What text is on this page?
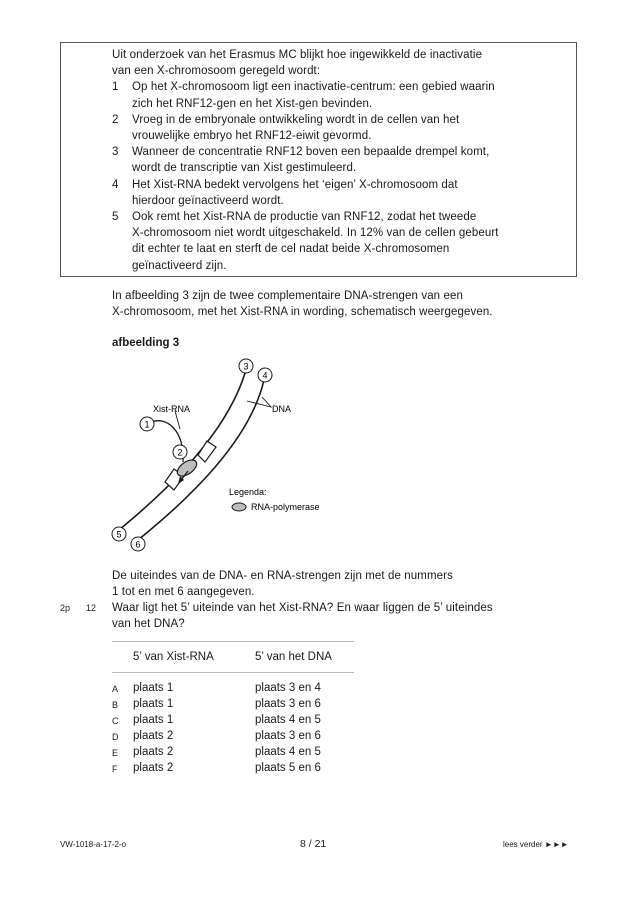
Uit onderzoek van het Erasmus MC blijkt hoe ingewikkeld de inactivatie
van een X-chromosoom geregeld wordt:
1	Op het X-chromosoom ligt een inactivatie-centrum: een gebied waarin
zich het RNF12-gen en het Xist-gen bevinden.
2	Vroeg in de embryonale ontwikkeling wordt in de cellen van het
vrouwelijke embryo het RNF12-eiwit gevormd.
3	Wanneer de concentratie RNF12 boven een bepaalde drempel komt,
wordt de transcriptie van Xist gestimuleerd.
4	Het Xist-RNA bedekt vervolgens het ‘eigen’ X-chromosoom dat
hierdoor geïnactiveerd wordt.
5	Ook remt het Xist-RNA de productie van RNF12, zodat het tweede
X-chromosoom niet wordt uitgeschakeld. In 12% van de cellen gebeurt
dit echter te laat en sterft de cel nadat beide X-chromosomen
geïnactiveerd zijn.
In afbeelding 3 zijn de twee complementaire DNA-strengen van een
X-chromosoom, met het Xist-RNA in wording, schematisch weergegeven.
afbeelding 3
Xist-RNA	DNA
1
2
3
4
5
6
Legenda:
RNA-polymerase
De uiteindes van de DNA- en RNA-strengen zijn met de nummers
1 tot en met 6 aangegeven.
2p 12 Waar ligt het 5’ uiteinde van het Xist-RNA? En waar liggen de 5’ uiteindes
van het DNA?
5’ van Xist-RNA	5’ van het DNA
A plaats 1	plaats 3 en 4
B plaats 1	plaats 3 en 6
C plaats 1	plaats 4 en 5
D plaats 2	plaats 3 en 6
E plaats 2	plaats 4 en 5
F plaats 2	plaats 5 en 6
VW-1018-a-17-2-o	8 / 21	lees verder ►►►
